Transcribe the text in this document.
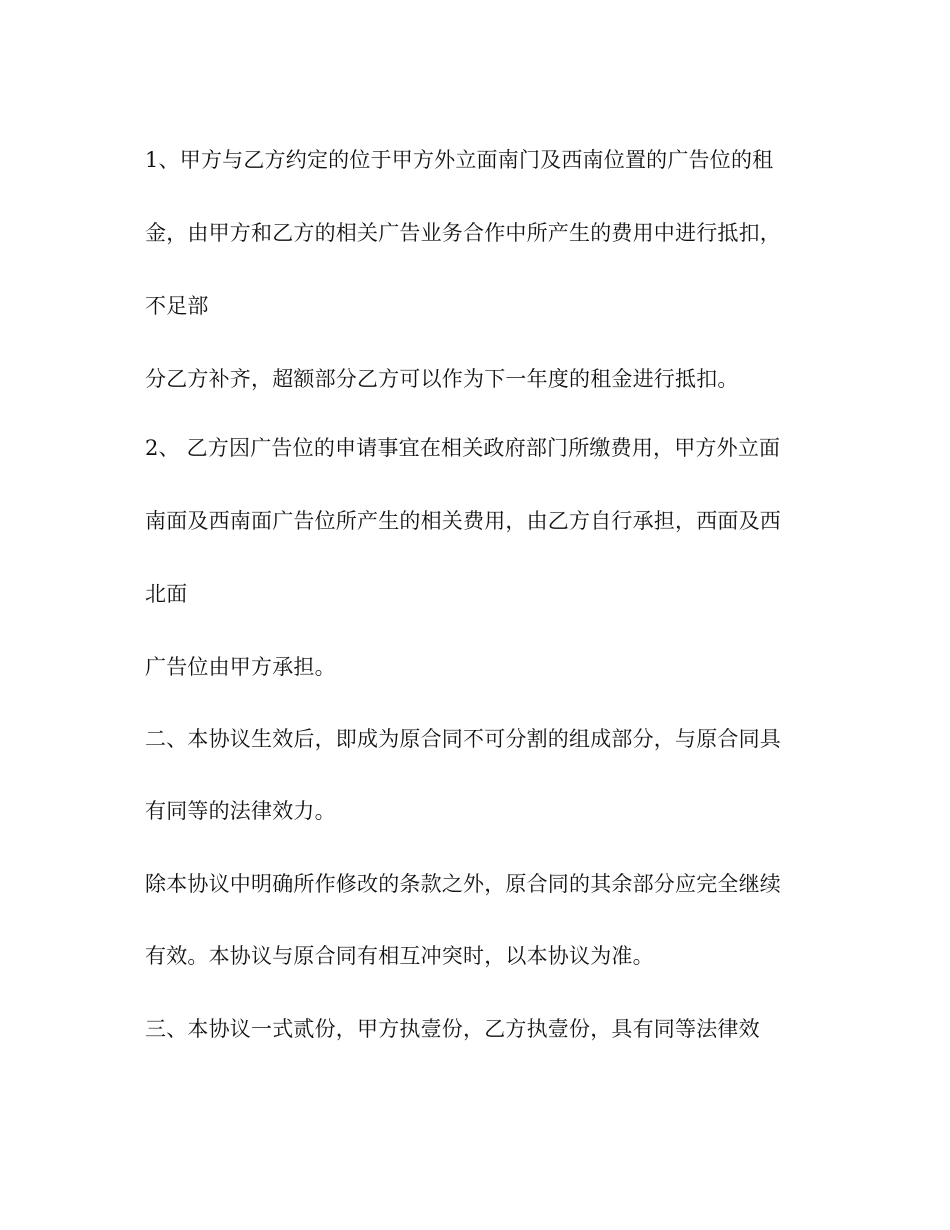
1、甲方与乙方约定的位于甲方外立面南门及西南位置的广告位的租

金，由甲方和乙方的相关广告业务合作中所产生的费用中进行抵扣，

不足部

分乙方补齐，超额部分乙方可以作为下一年度的租金进行抵扣。

2、 乙方因广告位的申请事宜在相关政府部门所缴费用，甲方外立面

南面及西南面广告位所产生的相关费用，由乙方自行承担，西面及西

北面

广告位由甲方承担。

二、本协议生效后，即成为原合同不可分割的组成部分，与原合同具

有同等的法律效力。

除本协议中明确所作修改的条款之外，原合同的其余部分应完全继续

有效。本协议与原合同有相互冲突时，以本协议为准。

三、本协议一式贰份，甲方执壹份，乙方执壹份，具有同等法律效
